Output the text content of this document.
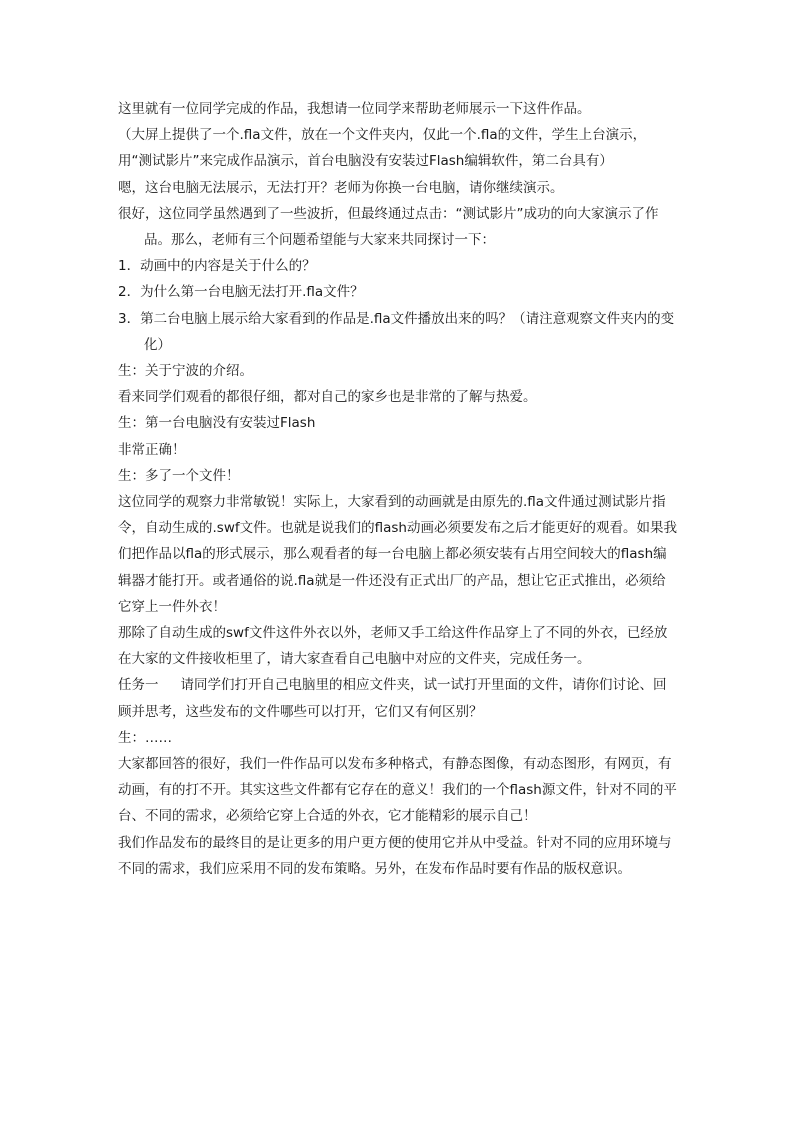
这里就有一位同学完成的作品，我想请一位同学来帮助老师展示一下这件作品。

（大屏上提供了一个.fla文件，放在一个文件夹内，仅此一个.fla的文件，学生上台演示，用“测试影片”来完成作品演示，首台电脑没有安装过Flash编辑软件，第二台具有）

嗯，这台电脑无法展示，无法打开？老师为你换一台电脑，请你继续演示。

很好，这位同学虽然遇到了一些波折，但最终通过点击：“测试影片”成功的向大家演示了作品。那么，老师有三个问题希望能与大家来共同探讨一下：

1．动画中的内容是关于什么的？

2．为什么第一台电脑无法打开.fla文件？

3．第二台电脑上展示给大家看到的作品是.fla文件播放出来的吗？（请注意观察文件夹内的变化）

生：关于宁波的介绍。

看来同学们观看的都很仔细，都对自己的家乡也是非常的了解与热爱。

生：第一台电脑没有安装过Flash

非常正确！

生：多了一个文件！

这位同学的观察力非常敏锐！实际上，大家看到的动画就是由原先的.fla文件通过测试影片指令，自动生成的.swf文件。也就是说我们的flash动画必须要发布之后才能更好的观看。如果我们把作品以fla的形式展示，那么观看者的每一台电脑上都必须安装有占用空间较大的flash编辑器才能打开。或者通俗的说.fla就是一件还没有正式出厂的产品，想让它正式推出，必须给它穿上一件外衣！

那除了自动生成的swf文件这件外衣以外，老师又手工给这件作品穿上了不同的外衣，已经放在大家的文件接收柜里了，请大家查看自己电脑中对应的文件夹，完成任务一。

任务一 请同学们打开自己电脑里的相应文件夹，试一试打开里面的文件，请你们讨论、回顾并思考，这些发布的文件哪些可以打开，它们又有何区别？

生：……

大家都回答的很好，我们一件作品可以发布多种格式，有静态图像，有动态图形，有网页，有动画，有的打不开。其实这些文件都有它存在的意义！我们的一个flash源文件，针对不同的平台、不同的需求，必须给它穿上合适的外衣，它才能精彩的展示自己！

我们作品发布的最终目的是让更多的用户更方便的使用它并从中受益。针对不同的应用环境与不同的需求，我们应采用不同的发布策略。另外，在发布作品时要有作品的版权意识。
